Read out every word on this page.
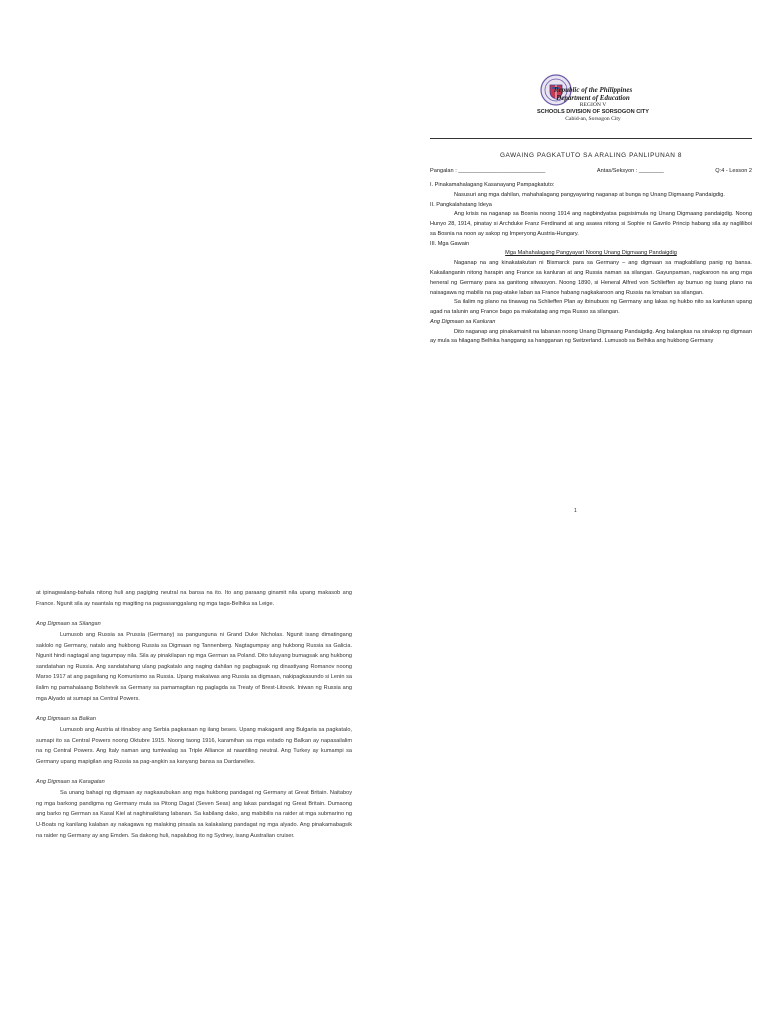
Republic of the Philippines
Department of Education
REGION V
SCHOOLS DIVISION OF SORSOGON CITY
Cabid-an, Sorsogon City

GAWAING PAGKATUTO SA ARALING PANLIPUNAN 8

Pangalan : ____________________________	Antas/Seksyon : ________	Q:4 - Lesson 2

I. Pinakamahalagang Kasanayang Pampagkatuto:

Nasusuri ang mga dahilan, mahahalagang pangyayaring naganap at bunga ng Unang Digmaang Pandaigdig.

II. Pangkalahatang Ideya

Ang krisis na naganap sa Bosnia noong 1914 ang nagbindyatsa pagsisimula ng Unang Digmaang pandaigdig. Noong Hunyo 28, 1914, pinatay si Archduke Franz Ferdinand at ang asawa nitong si Sophie ni Gavrilo Princip habang sila ay nagliliboi sa Bosnia na noon ay sakop ng Imperyong Austria-Hungary.

III. Mga Gawain

Mga Mahahalagang Pangyayari Noong Unang Digmaang Pandaigdig

Naganap na ang kinakatakutan ni Bismarck para sa Germany – ang digmaan sa magkabilang panig ng bansa. Kakailanganin nitong harapin ang France sa kanluran at ang Russia naman sa silangan. Gayunpaman, nagkaroon na ang mga heneral ng Germany para sa ganitong sitwasyon. Noong 1890, si Heneral Alfred von Schlieffen ay bumuo ng isang plano na naisagawa ng mabilis na pag-atake laban sa France habang nagkakaroon ang Russia na kmaban sa silangan.

Sa ilalim ng plano na tinawag na Schlieffen Plan ay ibinubuos ng Germany ang lakas ng hukbo nito sa kanluran upang agad na talunin ang France bago pa makatatag ang mga Russo sa silangan.

Ang Digmaan sa Kanluran

Dito naganap ang pinakamainit na labanan noong Unang Digmaang Pandaigdig. Ang balangkas na sinakop ng digmaan ay mula sa hilagang Belhika hanggang sa hangganan ng Switzerland. Lumusob sa Belhika ang hukbong Germany

1

at ipinagwalang-bahala nitong huli ang pagiging neutral na bansa na ito. Ito ang paraang ginamit nila upang makasob ang France. Ngunit sila ay naantala ng magiting na pagsasanggalang ng mga taga-Belhika sa Leige.

Ang Digmaan sa Silangan

Lumusob ang Russia sa Prussia (Germany) sa pangunguna ni Grand Duke Nicholas. Ngunit isang dimatingang saklolo ng Germany, natalo ang hukbong Russia sa Digmaan ng Tannenberg. Nagtagumpay ang hukbong Russia sa Galicia. Ngunit hindi nagtagal ang tagumpay nila. Sila ay pinakilapan ng mga German sa Poland. Dito tuluyang bumagsak ang hukbong sandatahan ng Russia. Ang sandatahang ulang pagkatalo ang naging dahilan ng pagbagsak ng dinastiyang Romanov noong Marso 1917 at ang pagsilang ng Komunismo sa Russia. Upang makaiwas ang Russia sa digmaan, nakipagkasundo si Lenin sa ilalim ng pamahalaang Bolshevik sa Germany sa pamamagitan ng paglagda sa Treaty of Brest-Litovsk. Iniwan ng Russia ang mga Alyado at sumapi sa Central Powers.

Ang Digmaan sa Balkan

Lumusob ang Austria at itinaboy ang Serbia pagkaraan ng ilang beses. Upang makaganti ang Bulgaria sa pagkatalo, sumapi ito sa Central Powers noong Oktubre 1915. Noong taong 1916, karamihan sa mga estado ng Balkan ay napasailalim na ng Central Powers. Ang Italy naman ang tumiwalag sa Triple Alliance at naantiling neutral. Ang Turkey ay kumampi sa Germany upang mapigilan ang Russia sa pag-angkin sa kanyang bansa sa Dardanelles.

Ang Digmaan sa Karagatan

Sa unang bahagi ng digmaan ay nagkasubukan ang mga hukbong pandagat ng Germany at Great Britain. Naitaboy ng mga barkong pandigma ng Germany mula sa Pitong Dagat (Seven Seas) ang lakas pandagat ng Great Britain. Dumaong ang barko ng German sa Kasal Kiel at naghinaikitang labanan. Sa kabilang dako, ang mabibilis na raider at mga submarino ng U-Boats ng kanilang kalaban ay nakagawa ng malaking pinsala sa kalakalang pandagat ng mga alyado. Ang pinakamabagsik na raider ng Germany ay ang Emden. Sa dakong huli, napalubog ito ng Sydney, isang Australian cruiser.
